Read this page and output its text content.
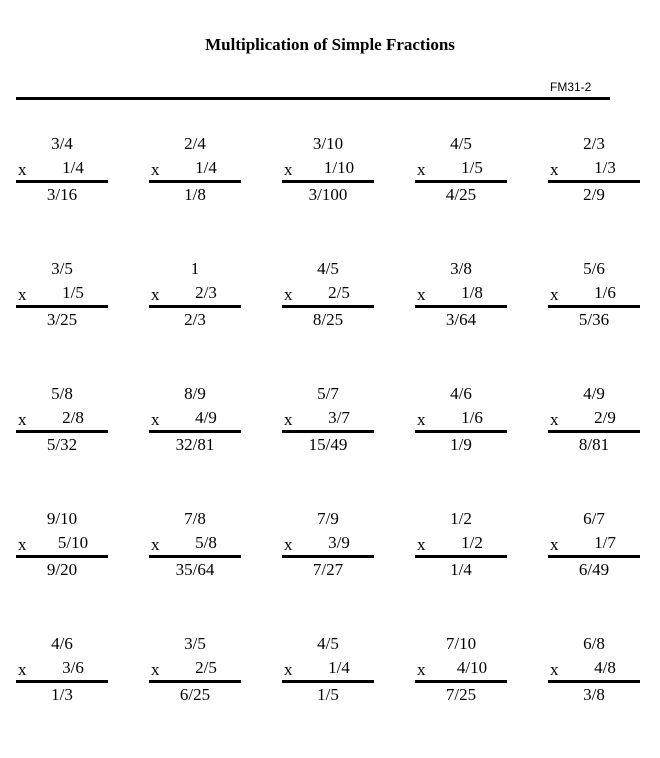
Multiplication of Simple Fractions
FM31-2
3/4
x	1/4
3/16
2/4
x	1/4
1/8
3/10
x	1/10
3/100
4/5
x	1/5
4/25
2/3
x	1/3
2/9
3/5
x	1/5
3/25
1
x	2/3
2/3
4/5
x	2/5
8/25
3/8
x	1/8
3/64
5/6
x	1/6
5/36
5/8
x	2/8
5/32
8/9
x	4/9
32/81
5/7
x	3/7
15/49
4/6
x	1/6
1/9
4/9
x	2/9
8/81
9/10
x	5/10
9/20
7/8
x	5/8
35/64
7/9
x	3/9
7/27
1/2
x	1/2
1/4
6/7
x	1/7
6/49
4/6
x	3/6
1/3
3/5
x	2/5
6/25
4/5
x	1/4
1/5
7/10
x	4/10
7/25
6/8
x	4/8
3/8
